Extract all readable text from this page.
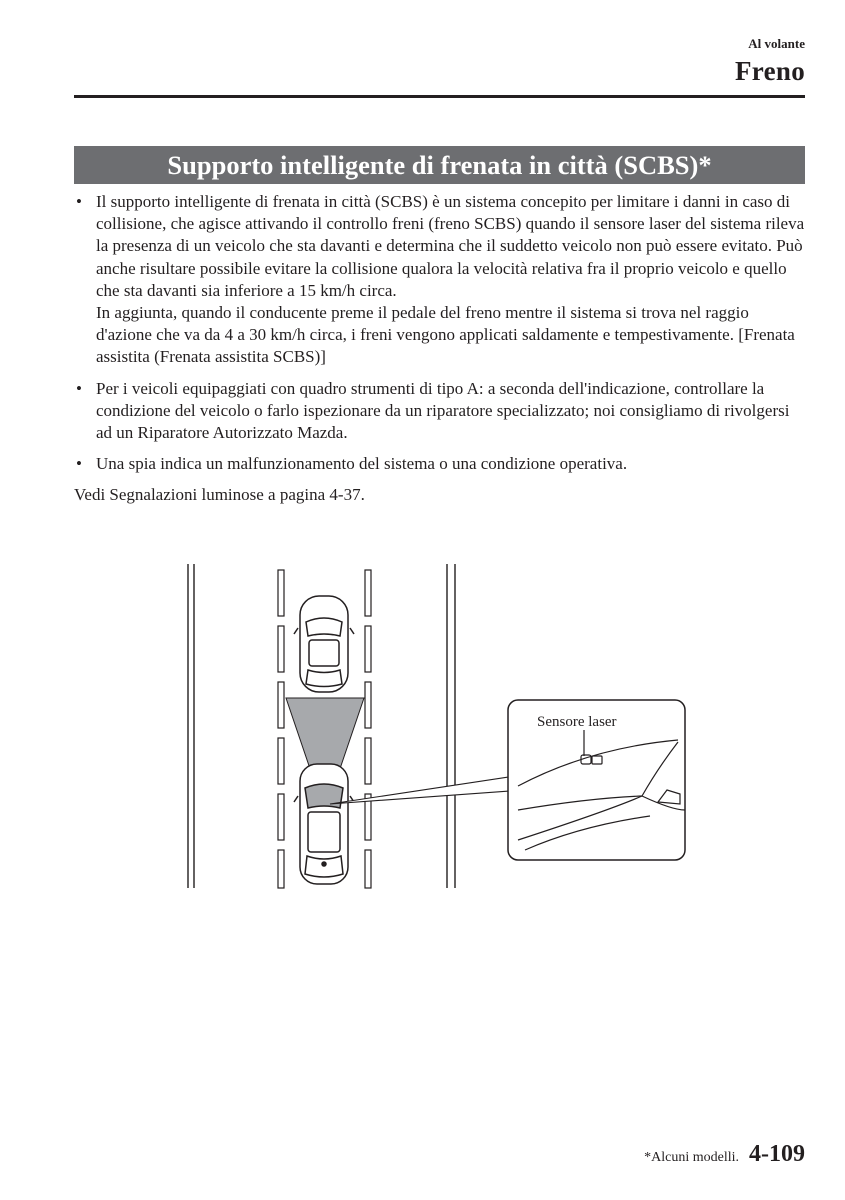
Al volante
Freno
Supporto intelligente di frenata in città (SCBS)*
• Il supporto intelligente di frenata in città (SCBS) è un sistema concepito per limitare i danni in caso di collisione, che agisce attivando il controllo freni (freno SCBS) quando il sensore laser del sistema rileva la presenza di un veicolo che sta davanti e determina che il suddetto veicolo non può essere evitato. Può anche risultare possibile evitare la collisione qualora la velocità relativa fra il proprio veicolo e quello che sta davanti sia inferiore a 15 km/h circa.
In aggiunta, quando il conducente preme il pedale del freno mentre il sistema si trova nel raggio d'azione che va da 4 a 30 km/h circa, i freni vengono applicati saldamente e tempestivamente. [Frenata assistita (Frenata assistita SCBS)]
• Per i veicoli equipaggiati con quadro strumenti di tipo A: a seconda dell'indicazione, controllare la condizione del veicolo o farlo ispezionare da un riparatore specializzato; noi consigliamo di rivolgersi ad un Riparatore Autorizzato Mazda.
• Una spia indica un malfunzionamento del sistema o una condizione operativa.
Vedi Segnalazioni luminose a pagina 4-37.
Sensore laser
*Alcuni modelli. 4-109
